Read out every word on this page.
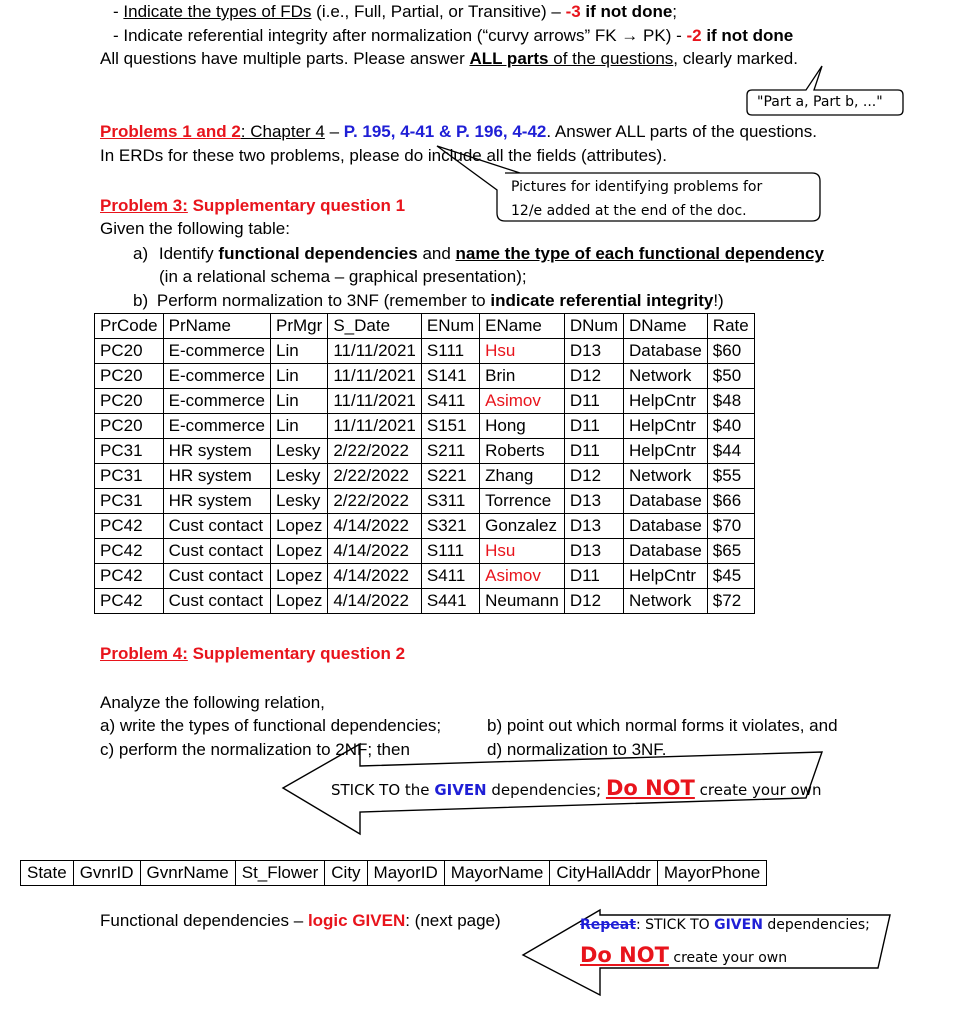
- Indicate the types of FDs (i.e., Full, Partial, or Transitive) – -3 if not done;
- Indicate referential integrity after normalization (“curvy arrows” FK → PK) - -2 if not done
All questions have multiple parts. Please answer ALL parts of the questions, clearly marked.
"Part a, Part b, ..."
Pictures for identifying problems for
12/e added at the end of the doc.
Problems 1 and 2: Chapter 4 – P. 195, 4-41 & P. 196, 4-42. Answer ALL parts of the questions.
In ERDs for these two problems, please do include all the fields (attributes).
Problem 3: Supplementary question 1
Given the following table:
a) Identify functional dependencies and name the type of each functional dependency
(in a relational schema – graphical presentation);
b) Perform normalization to 3NF (remember to indicate referential integrity!)
PrCode	PrName	PrMgr	S_Date	ENum	EName	DNum	DName	Rate
PC20	E-commerce	Lin	11/11/2021	S111	Hsu	D13	Database	$60
PC20	E-commerce	Lin	11/11/2021	S141	Brin	D12	Network	$50
PC20	E-commerce	Lin	11/11/2021	S411	Asimov	D11	HelpCntr	$48
PC20	E-commerce	Lin	11/11/2021	S151	Hong	D11	HelpCntr	$40
PC31	HR system	Lesky	2/22/2022	S211	Roberts	D11	HelpCntr	$44
PC31	HR system	Lesky	2/22/2022	S221	Zhang	D12	Network	$55
PC31	HR system	Lesky	2/22/2022	S311	Torrence	D13	Database	$66
PC42	Cust contact	Lopez	4/14/2022	S321	Gonzalez	D13	Database	$70
PC42	Cust contact	Lopez	4/14/2022	S111	Hsu	D13	Database	$65
PC42	Cust contact	Lopez	4/14/2022	S411	Asimov	D11	HelpCntr	$45
PC42	Cust contact	Lopez	4/14/2022	S441	Neumann	D12	Network	$72
Problem 4: Supplementary question 2
Analyze the following relation,
a) write the types of functional dependencies;	b) point out which normal forms it violates, and
c) perform the normalization to 2NF; then	d) normalization to 3NF.
STICK TO the GIVEN dependencies; Do NOT create your own
State	GvnrID	GvnrName	St_Flower	City	MayorID	MayorName	CityHallAddr	MayorPhone
Functional dependencies – logic GIVEN: (next page)	Repeat: STICK TO GIVEN dependencies;
Do NOT create your own
